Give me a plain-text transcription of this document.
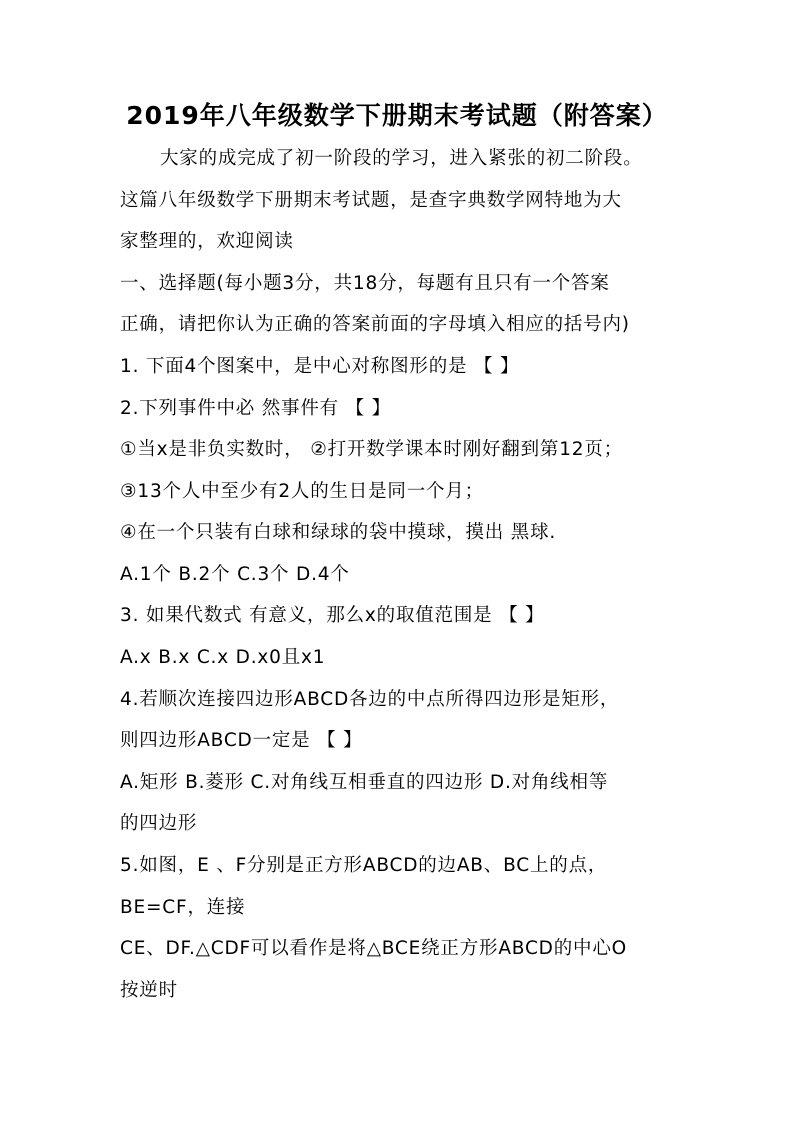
2019年八年级数学下册期末考试题（附答案）
大家的成完成了初一阶段的学习，进入紧张的初二阶段。
这篇八年级数学下册期末考试题，是查字典数学网特地为大
家整理的，欢迎阅读
一、选择题(每小题3分，共18分，每题有且只有一个答案
正确，请把你认为正确的答案前面的字母填入相应的括号内)
1. 下面4个图案中，是中心对称图形的是 【 】
2.下列事件中必 然事件有 【 】
①当x是非负实数时， ②打开数学课本时刚好翻到第12页；
③13个人中至少有2人的生日是同一个月；
④在一个只装有白球和绿球的袋中摸球，摸出 黑球.
A.1个 B.2个 C.3个 D.4个
3. 如果代数式 有意义，那么x的取值范围是 【 】
A.x B.x C.x D.x0且x1
4.若顺次连接四边形ABCD各边的中点所得四边形是矩形，
则四边形ABCD一定是 【 】
A.矩形 B.菱形 C.对角线互相垂直的四边形 D.对角线相等
的四边形
5.如图，E 、F分别是正方形ABCD的边AB、BC上的点，
BE=CF，连接
CE、DF.△CDF可以看作是将△BCE绕正方形ABCD的中心O
按逆时
